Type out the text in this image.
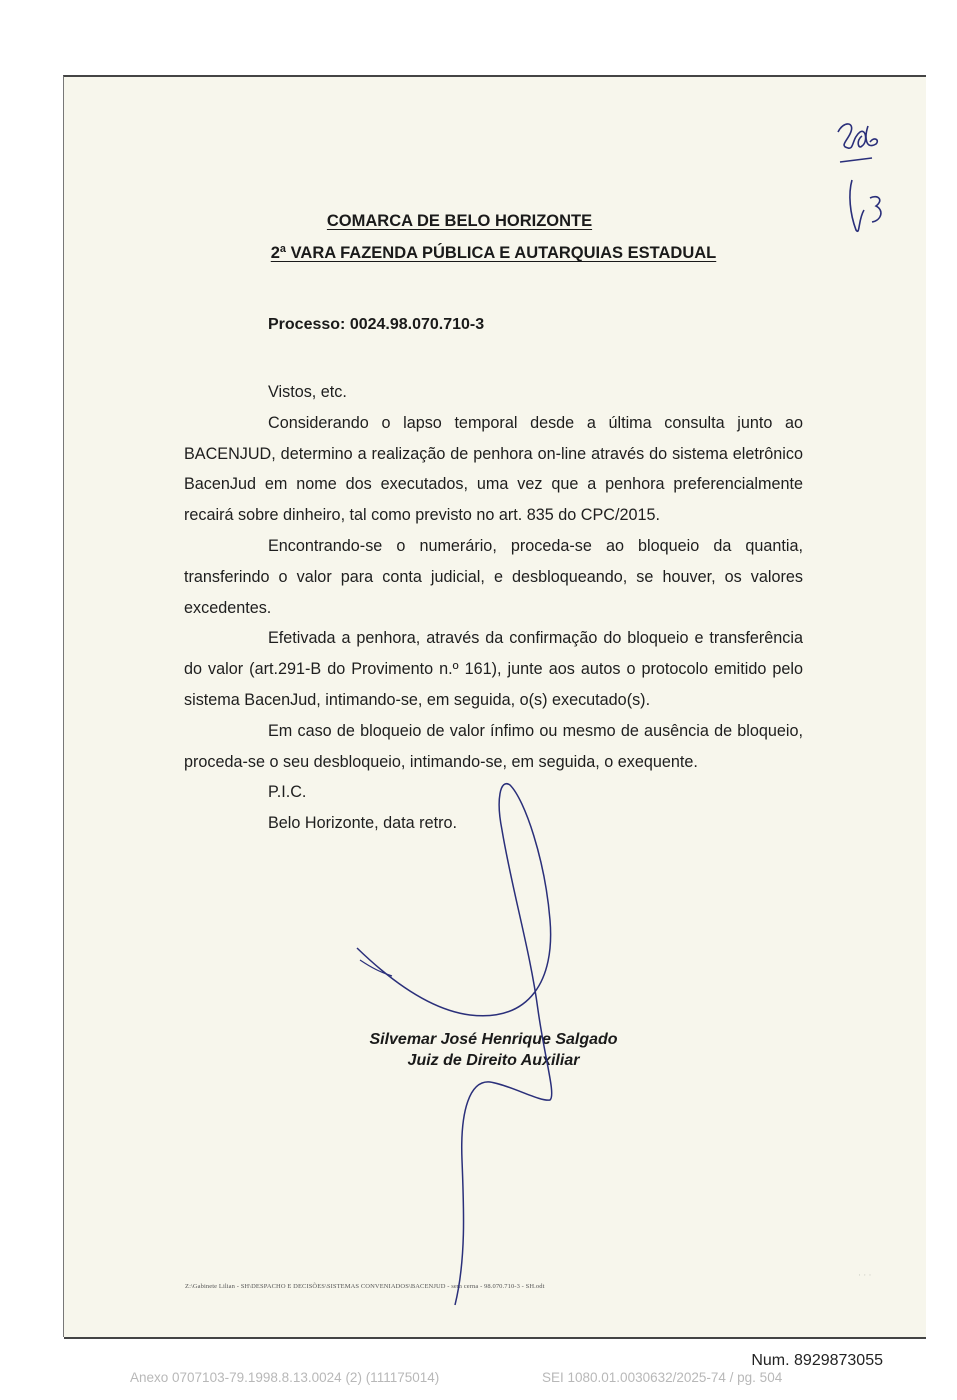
COMARCA DE BELO HORIZONTE
2ª VARA FAZENDA PÚBLICA E AUTARQUIAS ESTADUAL
Processo: 0024.98.070.710-3

Vistos, etc.

Considerando o lapso temporal desde a última consulta junto ao BACENJUD, determino a realização de penhora on-line através do sistema eletrônico BacenJud em nome dos executados, uma vez que a penhora preferencialmente recairá sobre dinheiro, tal como previsto no art. 835 do CPC/2015.

Encontrando-se o numerário, proceda-se ao bloqueio da quantia, transferindo o valor para conta judicial, e desbloqueando, se houver, os valores excedentes.

Efetivada a penhora, através da confirmação do bloqueio e transferência do valor (art.291-B do Provimento n.º 161), junte aos autos o protocolo emitido pelo sistema BacenJud, intimando-se, em seguida, o(s) executado(s).

Em caso de bloqueio de valor ínfimo ou mesmo de ausência de bloqueio, proceda-se o seu desbloqueio, intimando-se, em seguida, o exequente.

P.I.C.

Belo Horizonte, data retro.

Silvemar José Henrique Salgado
Juiz de Direito Auxiliar
Z:\Gabinete Lilian - SH\DESPACHO E DECISÕES\SISTEMAS CONVENIADOS\BACENJUD - sem cerna - 98.070.710-3 - SH.odt
· · ·
Num. 8929873055
Anexo 0707103-79.1998.8.13.0024 (2) (111175014)	SEI 1080.01.0030632/2025-74 / pg. 504
